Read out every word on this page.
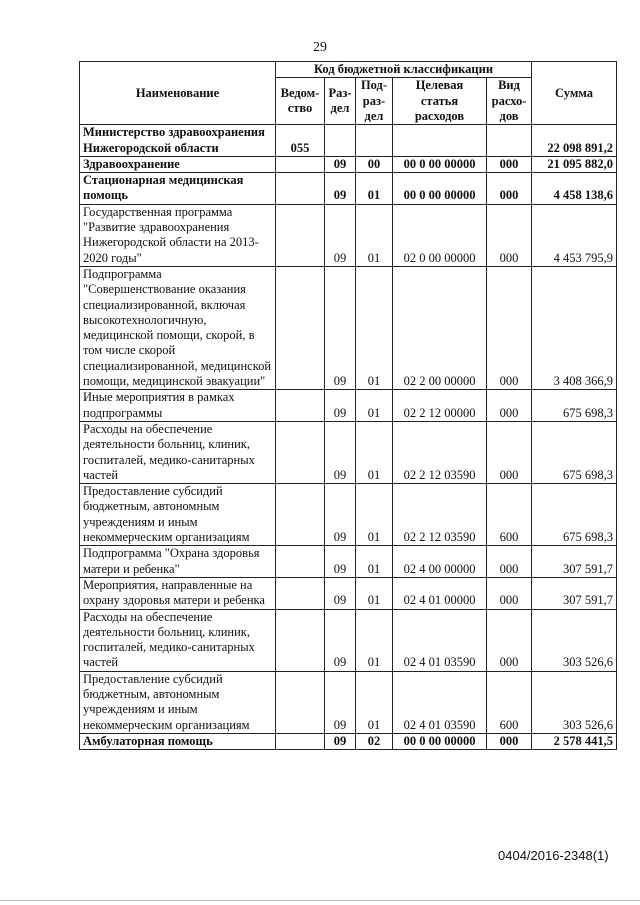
29
Наименование	Код бюджетной классификации					Сумма
	Ведом-ство	Раз-дел	Под-раз-дел	Целевая статья расходов	Вид расхо-дов	
Министерство здравоохранения Нижегородской области	055					22 098 891,2
Здравоохранение		09	00	00 0 00 00000	000	21 095 882,0
Стационарная медицинская помощь		09	01	00 0 00 00000	000	4 458 138,6
Государственная программа "Развитие здравоохранения Нижегородской области на 2013-2020 годы"		09	01	02 0 00 00000	000	4 453 795,9
Подпрограмма "Совершенствование оказания специализированной, включая высокотехнологичную, медицинской помощи, скорой, в том числе скорой специализированной, медицинской помощи, медицинской эвакуации"		09	01	02 2 00 00000	000	3 408 366,9
Иные мероприятия в рамках подпрограммы		09	01	02 2 12 00000	000	675 698,3
Расходы на обеспечение деятельности больниц, клиник, госпиталей, медико-санитарных частей		09	01	02 2 12 03590	000	675 698,3
Предоставление субсидий бюджетным, автономным учреждениям и иным некоммерческим организациям		09	01	02 2 12 03590	600	675 698,3
Подпрограмма "Охрана здоровья матери и ребенка"		09	01	02 4 00 00000	000	307 591,7
Мероприятия, направленные на охрану здоровья матери и ребенка		09	01	02 4 01 00000	000	307 591,7
Расходы на обеспечение деятельности больниц, клиник, госпиталей, медико-санитарных частей		09	01	02 4 01 03590	000	303 526,6
Предоставление субсидий бюджетным, автономным учреждениям и иным некоммерческим организациям		09	01	02 4 01 03590	600	303 526,6
Амбулаторная помощь		09	02	00 0 00 00000	000	2 578 441,5
0404/2016-2348(1)
